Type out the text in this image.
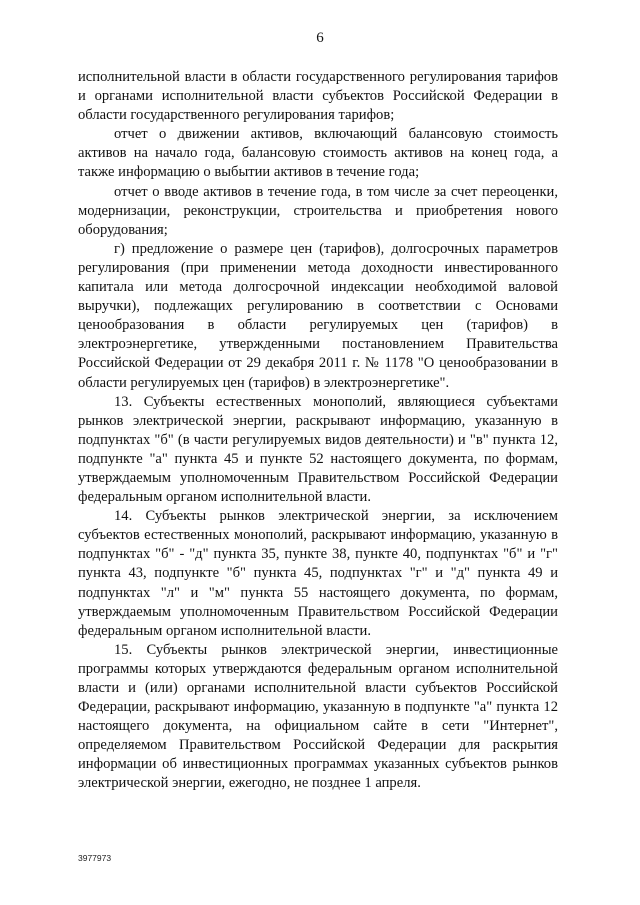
6

исполнительной власти в области государственного регулирования тарифов и органами исполнительной власти субъектов Российской Федерации в области государственного регулирования тарифов;

отчет о движении активов, включающий балансовую стоимость активов на начало года, балансовую стоимость активов на конец года, а также информацию о выбытии активов в течение года;

отчет о вводе активов в течение года, в том числе за счет переоценки, модернизации, реконструкции, строительства и приобретения нового оборудования;

г) предложение о размере цен (тарифов), долгосрочных параметров регулирования (при применении метода доходности инвестированного капитала или метода долгосрочной индексации необходимой валовой выручки), подлежащих регулированию в соответствии с Основами ценообразования в области регулируемых цен (тарифов) в электроэнергетике, утвержденными постановлением Правительства Российской Федерации от 29 декабря 2011 г. № 1178 "О ценообразовании в области регулируемых цен (тарифов) в электроэнергетике".

13. Субъекты естественных монополий, являющиеся субъектами рынков электрической энергии, раскрывают информацию, указанную в подпунктах "б" (в части регулируемых видов деятельности) и "в" пункта 12, подпункте "а" пункта 45 и пункте 52 настоящего документа, по формам, утверждаемым уполномоченным Правительством Российской Федерации федеральным органом исполнительной власти.

14. Субъекты рынков электрической энергии, за исключением субъектов естественных монополий, раскрывают информацию, указанную в подпунктах "б" - "д" пункта 35, пункте 38, пункте 40, подпунктах "б" и "г" пункта 43, подпункте "б" пункта 45, подпунктах "г" и "д" пункта 49 и подпунктах "л" и "м" пункта 55 настоящего документа, по формам, утверждаемым уполномоченным Правительством Российской Федерации федеральным органом исполнительной власти.

15. Субъекты рынков электрической энергии, инвестиционные программы которых утверждаются федеральным органом исполнительной власти и (или) органами исполнительной власти субъектов Российской Федерации, раскрывают информацию, указанную в подпункте "а" пункта 12 настоящего документа, на официальном сайте в сети "Интернет", определяемом Правительством Российской Федерации для раскрытия информации об инвестиционных программах указанных субъектов рынков электрической энергии, ежегодно, не позднее 1 апреля.

3977973
